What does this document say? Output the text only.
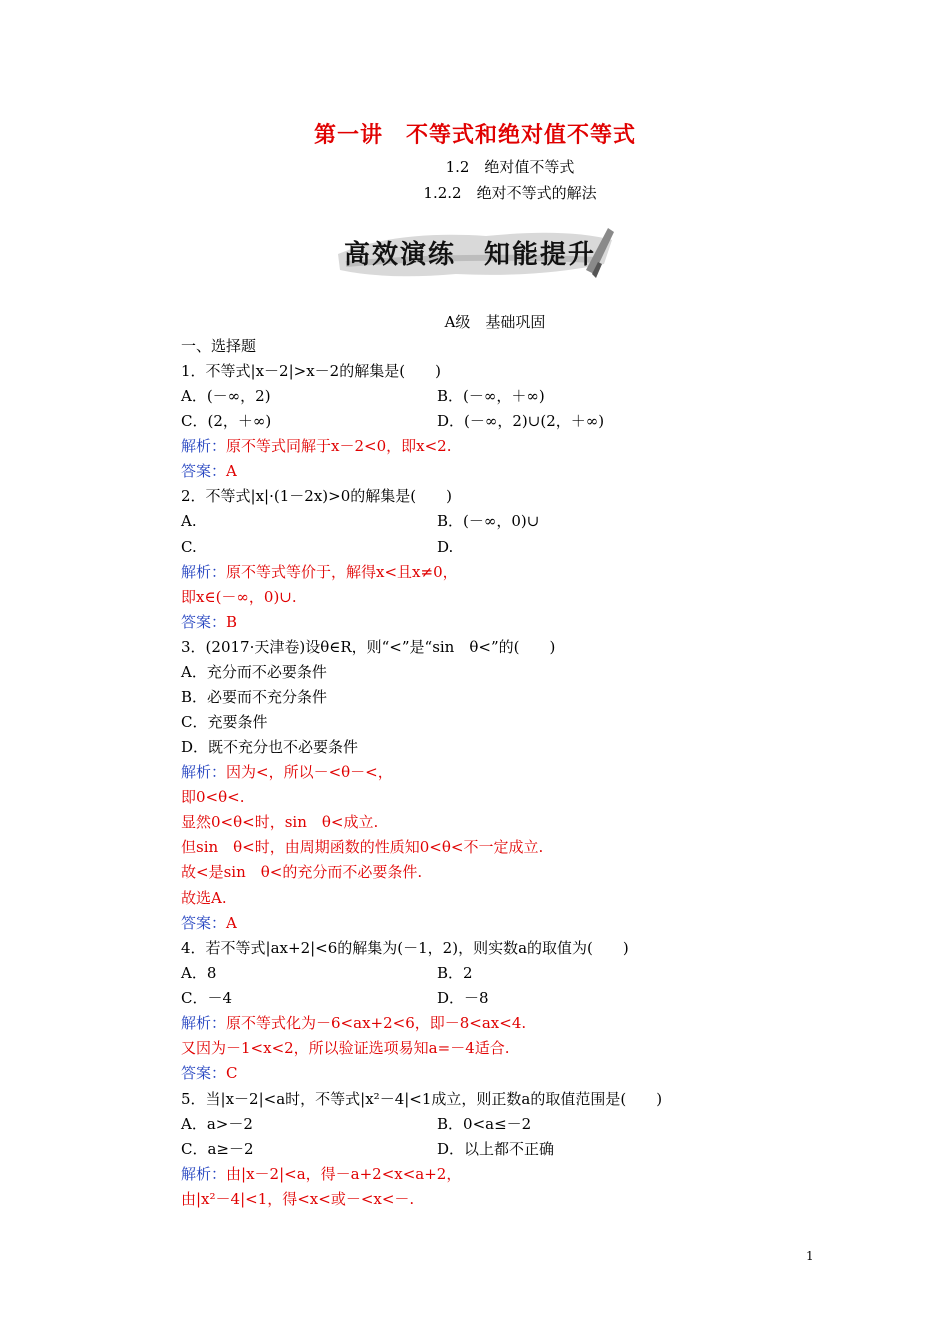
第一讲　不等式和绝对值不等式
1.2　绝对值不等式
1.2.2　绝对不等式的解法
高效演练　知能提升
A级　基础巩固
一、选择题
1．不等式|x－2|>x－2的解集是(　　)
A．(－∞，2)	B．(－∞，＋∞)
C．(2，＋∞)	D．(－∞，2)∪(2，＋∞)
解析：原不等式同解于x－2<0，即x<2.
答案：A
2．不等式|x|·(1－2x)>0的解集是(　　)
A.	B．(－∞，0)∪
C.	D.
解析：原不等式等价于，解得x<且x≠0，
即x∈(－∞，0)∪.
答案：B
3．(2017·天津卷)设θ∈R，则“<”是“sin　θ<”的(　　)
A．充分而不必要条件
B．必要而不充分条件
C．充要条件
D．既不充分也不必要条件
解析：因为<，所以－<θ－<，
即0<θ<.
显然0<θ<时，sin　θ<成立.
但sin　θ<时，由周期函数的性质知0<θ<不一定成立.
故<是sin　θ<的充分而不必要条件.
故选A.
答案：A
4．若不等式|ax+2|<6的解集为(－1，2)，则实数a的取值为(　　)
A．8	B．2
C．－4	D．－8
解析：原不等式化为－6<ax+2<6，即－8<ax<4.
又因为－1<x<2，所以验证选项易知a=－4适合.
答案：C
5．当|x－2|<a时，不等式|x²－4|<1成立，则正数a的取值范围是(　　)
A．a>－2	B．0<a≤－2
C．a≥－2	D．以上都不正确
解析：由|x－2|<a，得－a+2<x<a+2，
由|x²－4|<1，得<x<或－<x<－.
1
